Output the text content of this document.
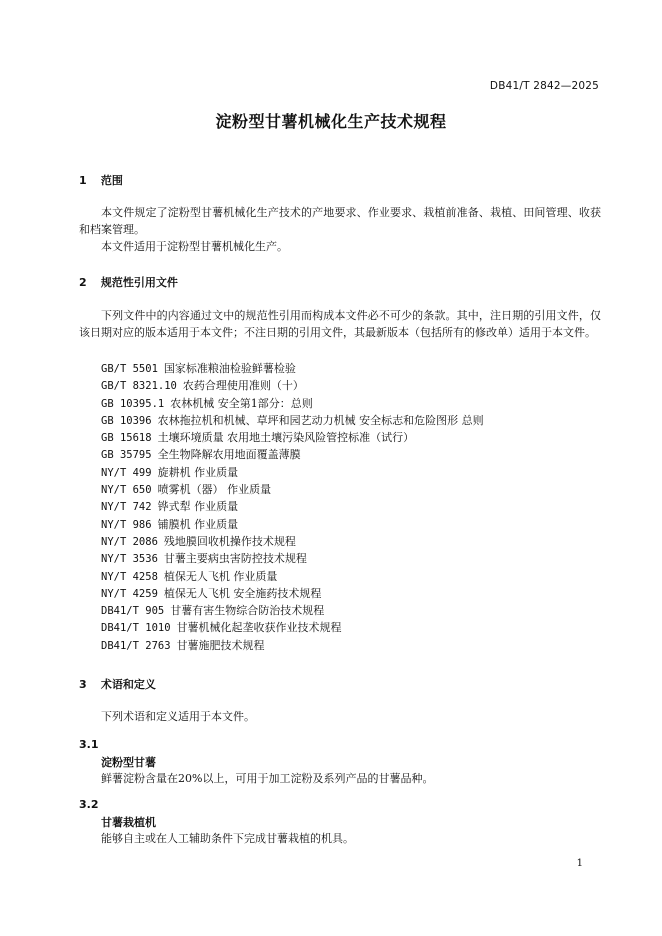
DB41/T 2842—2025
淀粉型甘薯机械化生产技术规程
1 范围
本文件规定了淀粉型甘薯机械化生产技术的产地要求、作业要求、栽植前准备、栽植、田间管理、收获和档案管理。
本文件适用于淀粉型甘薯机械化生产。
2 规范性引用文件
下列文件中的内容通过文中的规范性引用而构成本文件必不可少的条款。其中，注日期的引用文件，仅该日期对应的版本适用于本文件；不注日期的引用文件，其最新版本（包括所有的修改单）适用于本文件。
GB/T 5501 国家标准粮油检验鲜薯检验
GB/T 8321.10 农药合理使用准则（十）
GB 10395.1 农林机械 安全第1部分：总则
GB 10396 农林拖拉机和机械、草坪和园艺动力机械 安全标志和危险图形 总则
GB 15618 土壤环境质量 农用地土壤污染风险管控标准（试行）
GB 35795 全生物降解农用地面覆盖薄膜
NY/T 499 旋耕机 作业质量
NY/T 650 喷雾机（器） 作业质量
NY/T 742 铧式犁 作业质量
NY/T 986 铺膜机 作业质量
NY/T 2086 残地膜回收机操作技术规程
NY/T 3536 甘薯主要病虫害防控技术规程
NY/T 4258 植保无人飞机 作业质量
NY/T 4259 植保无人飞机 安全施药技术规程
DB41/T 905 甘薯有害生物综合防治技术规程
DB41/T 1010 甘薯机械化起垄收获作业技术规程
DB41/T 2763 甘薯施肥技术规程
3 术语和定义
下列术语和定义适用于本文件。
3.1
淀粉型甘薯
鲜薯淀粉含量在20%以上，可用于加工淀粉及系列产品的甘薯品种。
3.2
甘薯栽植机
能够自主或在人工辅助条件下完成甘薯栽植的机具。
1
